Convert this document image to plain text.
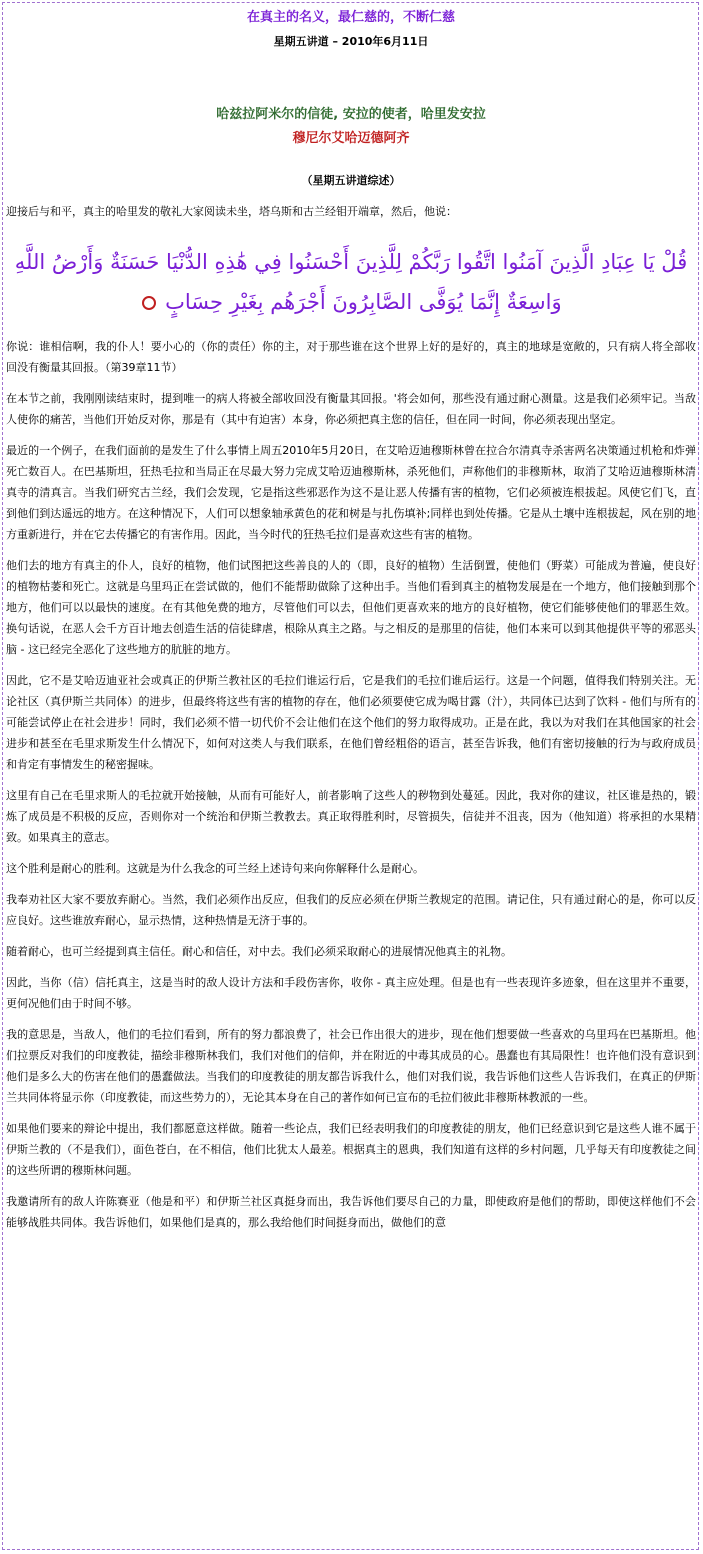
在真主的名义，最仁慈的，不断仁慈
星期五讲道 – 2010年6月11日
哈兹拉阿米尔的信徒, 安拉的使者，哈里发安拉
穆尼尔艾哈迈德阿齐
（星期五讲道综述）

迎接后与和平，真主的哈里发的敬礼大家阅读未坐，塔乌斯和古兰经钼开端章，然后，他说：

قُلْ يَا عِبَادِ الَّذِينَ آمَنُوا اتَّقُوا رَبَّكُمْ لِلَّذِينَ أَحْسَنُوا فِي هَٰذِهِ الدُّنْيَا حَسَنَةٌ وَأَرْضُ اللَّهِ وَاسِعَةٌ إِنَّمَا يُوَفَّى الصَّابِرُونَ أَجْرَهُم بِغَيْرِ حِسَابٍ

你说：谁相信啊，我的仆人！要小心的（你的责任）你的主，对于那些谁在这个世界上好的是好的，真主的地球是宽敞的，只有病人将全部收回没有衡量其回报。（第39章11节）

在本节之前，我刚刚读结束时，提到唯一的病人将被全部收回没有衡量其回报。'将会如何，那些没有通过耐心测量。这是我们必须牢记。当敌人使你的痛苦，当他们开始反对你，那是有（其中有迫害）本身，你必须把真主您的信任，但在同一时间，你必须表现出坚定。

最近的一个例子，在我们面前的是发生了什么事情上周五2010年5月20日，在艾哈迈迪穆斯林曾在拉合尔清真寺杀害两名决策通过机枪和炸弹死亡数百人。在巴基斯坦，狂热毛拉和当局正在尽最大努力完成艾哈迈迪穆斯林，杀死他们，声称他们的非穆斯林，取消了艾哈迈迪穆斯林清真寺的清真言。当我们研究古兰经，我们会发现，它是指这些邪恶作为这不是让恶人传播有害的植物，它们必须被连根拔起。风使它们飞，直到他们到达遥远的地方。在这种情况下，人们可以想象轴承黄色的花和树是与扎伤填补;同样也到处传播。它是从土壤中连根拔起，风在别的地方重新进行，并在它去传播它的有害作用。因此，当今时代的狂热毛拉们是喜欢这些有害的植物。

他们去的地方有真主的仆人，良好的植物，他们试图把这些善良的人的（即，良好的植物）生活倒置，使他们（野菜）可能成为普遍，使良好的植物枯萎和死亡。这就是乌里玛正在尝试做的，他们不能帮助做除了这种出手。当他们看到真主的植物发展是在一个地方，他们接触到那个地方，他们可以以最快的速度。在有其他免费的地方，尽管他们可以去，但他们更喜欢来的地方的良好植物，使它们能够使他们的罪恶生效。换句话说，在恶人会千方百计地去创造生活的信徒肆虐，根除从真主之路。与之相反的是那里的信徒，他们本来可以到其他提供平等的邪恶头脑 - 这已经完全恶化了这些地方的肮脏的地方。

因此，它不是艾哈迈迪亚社会或真正的伊斯兰教社区的毛拉们谁运行后，它是我们的毛拉们谁后运行。这是一个问题，值得我们特别关注。无论社区（真伊斯兰共同体）的进步，但最终将这些有害的植物的存在，他们必须要使它成为喝甘露（汁），共同体已达到了饮料 - 他们与所有的可能尝试停止在社会进步！同时，我们必须不惜一切代价不会让他们在这个他们的努力取得成功。正是在此，我以为对我们在其他国家的社会进步和甚至在毛里求斯发生什么情况下，如何对这类人与我们联系，在他们曾经粗俗的语言，甚至告诉我，他们有密切接触的行为与政府成员和肯定有事情发生的秘密握味。

这里有自己在毛里求斯人的毛拉就开始接触，从而有可能好人，前者影响了这些人的秽物到处蔓延。因此，我对你的建议，社区谁是热的，锻炼了成员是不积极的反应，否则你对一个统治和伊斯兰教教去。真正取得胜利时，尽管损失，信徒并不沮丧，因为（他知道）将承担的水果精致。如果真主的意志。

这个胜利是耐心的胜利。这就是为什么我念的可兰经上述诗句来向你解释什么是耐心。

我奉劝社区大家不要放弃耐心。当然，我们必须作出反应，但我们的反应必须在伊斯兰教规定的范围。请记住，只有通过耐心的是，你可以反应良好。这些谁放弃耐心，显示热情，这种热情是无济于事的。

随着耐心，也可兰经提到真主信任。耐心和信任，对中去。我们必须采取耐心的进展情况他真主的礼物。

因此，当你（信）信托真主，这是当时的敌人设计方法和手段伤害你，收你 - 真主应处理。但是也有一些表现许多迹象，但在这里并不重要，更何况他们由于时间不够。

我的意思是，当敌人，他们的毛拉们看到，所有的努力都浪费了，社会已作出很大的进步，现在他们想要做一些喜欢的乌里玛在巴基斯坦。他们拉票反对我们的印度教徒，描绘非穆斯林我们，我们对他们的信仰，并在附近的中毒其成员的心。愚蠢也有其局限性！也许他们没有意识到他们是多么大的伤害在他们的愚蠢做法。当我们的印度教徒的朋友都告诉我什么，他们对我们说，我告诉他们这些人告诉我们，在真正的伊斯兰共同体将显示你（印度教徒，而这些势力的），无论其本身在自己的著作如何已宣布的毛拉们彼此非穆斯林教派的一些。

如果他们要来的辩论中提出，我们都愿意这样做。随着一些论点，我们已经表明我们的印度教徒的朋友，他们已经意识到它是这些人谁不属于伊斯兰教的（不是我们），面色苍白，在不相信，他们比犹太人最差。根据真主的恩典，我们知道有这样的乡村问题，几乎每天有印度教徒之间的这些所谓的穆斯林问题。

我邀请所有的敌人许陈赛亚（他是和平）和伊斯兰社区真挺身而出，我告诉他们要尽自己的力量，即使政府是他们的帮助，即使这样他们不会能够战胜共同体。我告诉他们，如果他们是真的，那么我给他们时间挺身而出，做他们的意
